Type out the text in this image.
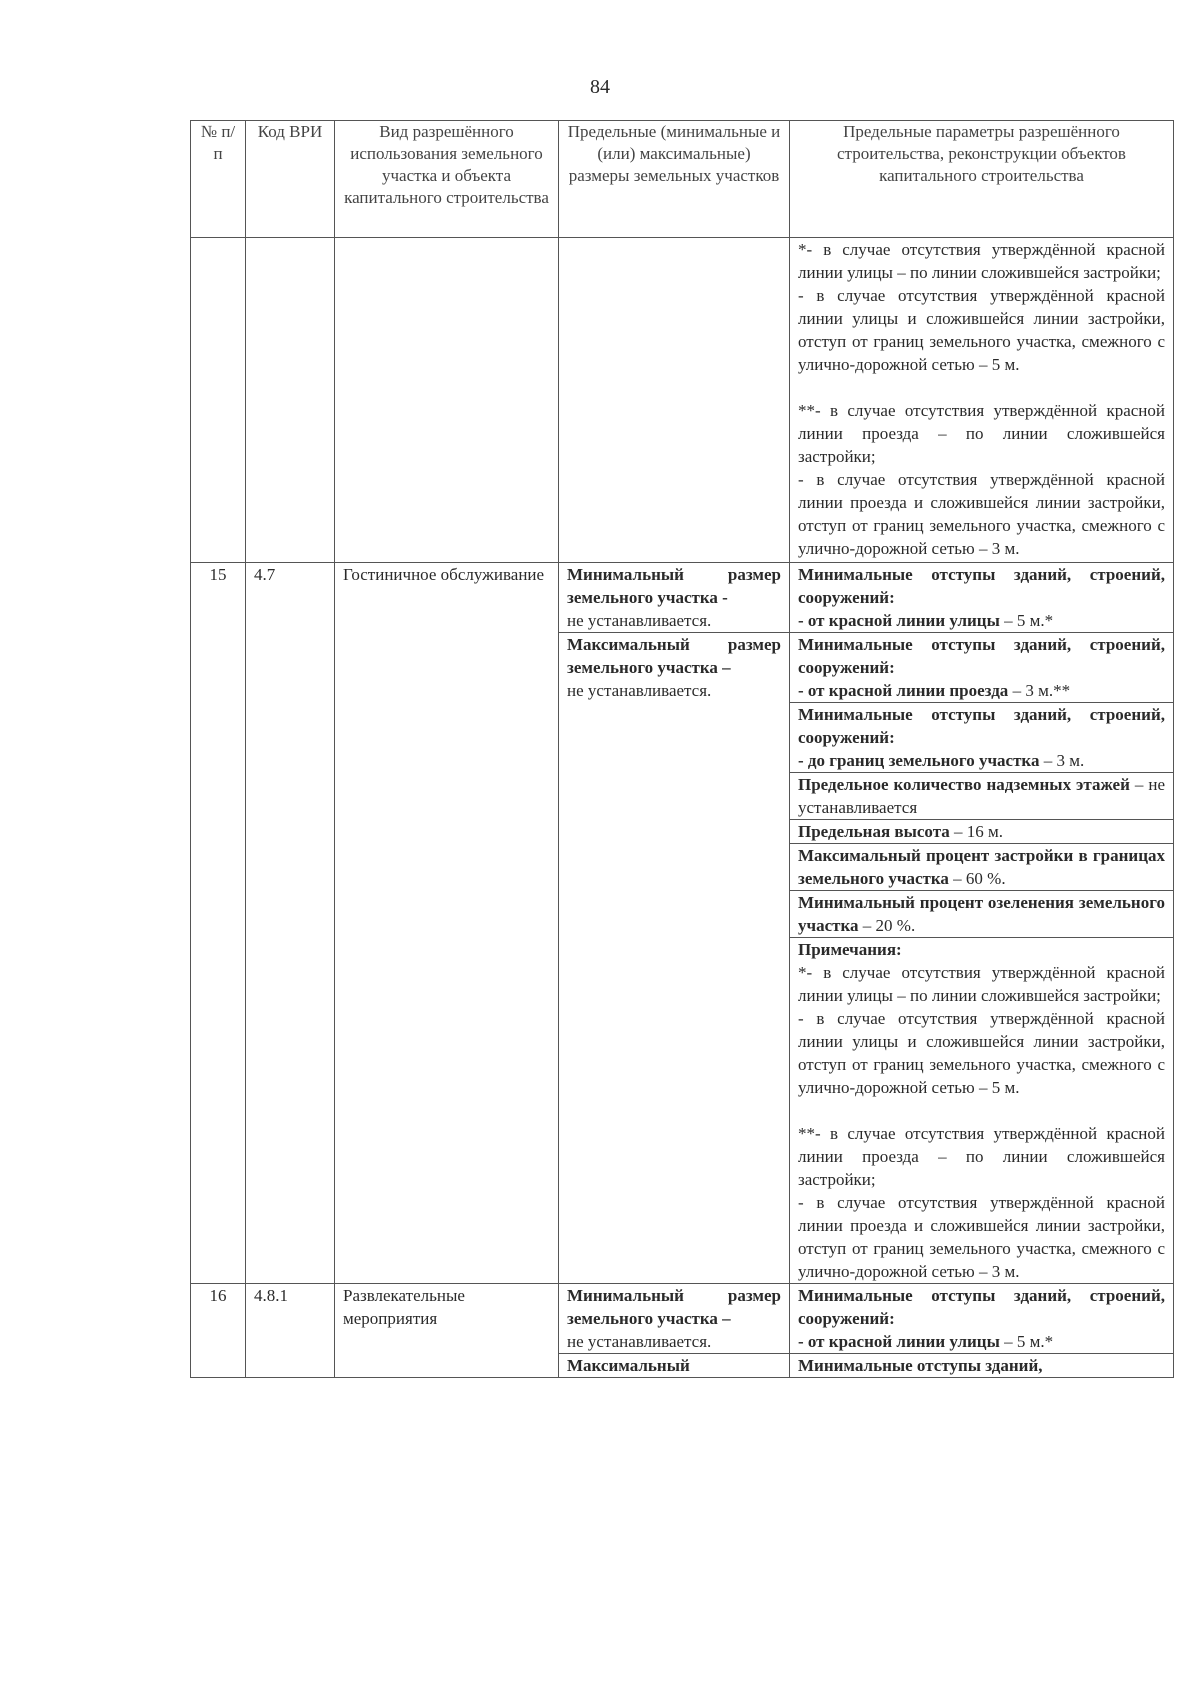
84
№ п/п	Код ВРИ	Вид разрешённого использования земельного участка и объекта капитального строительства	Предельные (минимальные и (или) максимальные) размеры земельных участков	Предельные параметры разрешённого строительства, реконструкции объектов капитального строительства

				*- в случае отсутствия утверждённой красной линии улицы – по линии сложившейся застройки;
- в случае отсутствия утверждённой красной линии улицы и сложившейся линии застройки, отступ от границ земельного участка, смежного с улично-дорожной сетью – 5 м.
**- в случае отсутствия утверждённой красной линии проезда – по линии сложившейся застройки;
- в случае отсутствия утверждённой красной линии проезда и сложившейся линии застройки, отступ от границ земельного участка, смежного с улично-дорожной сетью – 3 м.

15	4.7	Гостиничное обслуживание	Минимальный размер земельного участка -
не устанавливается.	Минимальные отступы зданий, строений, сооружений:
- от красной линии улицы – 5 м.*
			Максимальный размер земельного участка –
не устанавливается.	Минимальные отступы зданий, строений, сооружений:
- от красной линии проезда – 3 м.**
				Минимальные отступы зданий, строений, сооружений:
- до границ земельного участка – 3 м.
				Предельное количество надземных этажей – не устанавливается
				Предельная высота – 16 м.
				Максимальный процент застройки в границах земельного участка – 60 %.
				Минимальный процент озеленения земельного участка – 20 %.

				Примечания:
*- в случае отсутствия утверждённой красной линии улицы – по линии сложившейся застройки;
- в случае отсутствия утверждённой красной линии улицы и сложившейся линии застройки, отступ от границ земельного участка, смежного с улично-дорожной сетью – 5 м.
**- в случае отсутствия утверждённой красной линии проезда – по линии сложившейся застройки;
- в случае отсутствия утверждённой красной линии проезда и сложившейся линии застройки, отступ от границ земельного участка, смежного с улично-дорожной сетью – 3 м.

16	4.8.1	Развлекательные мероприятия	Минимальный размер земельного участка –
не устанавливается.	Минимальные отступы зданий, строений, сооружений:
- от красной линии улицы – 5 м.*
			Максимальный	Минимальные отступы зданий,
